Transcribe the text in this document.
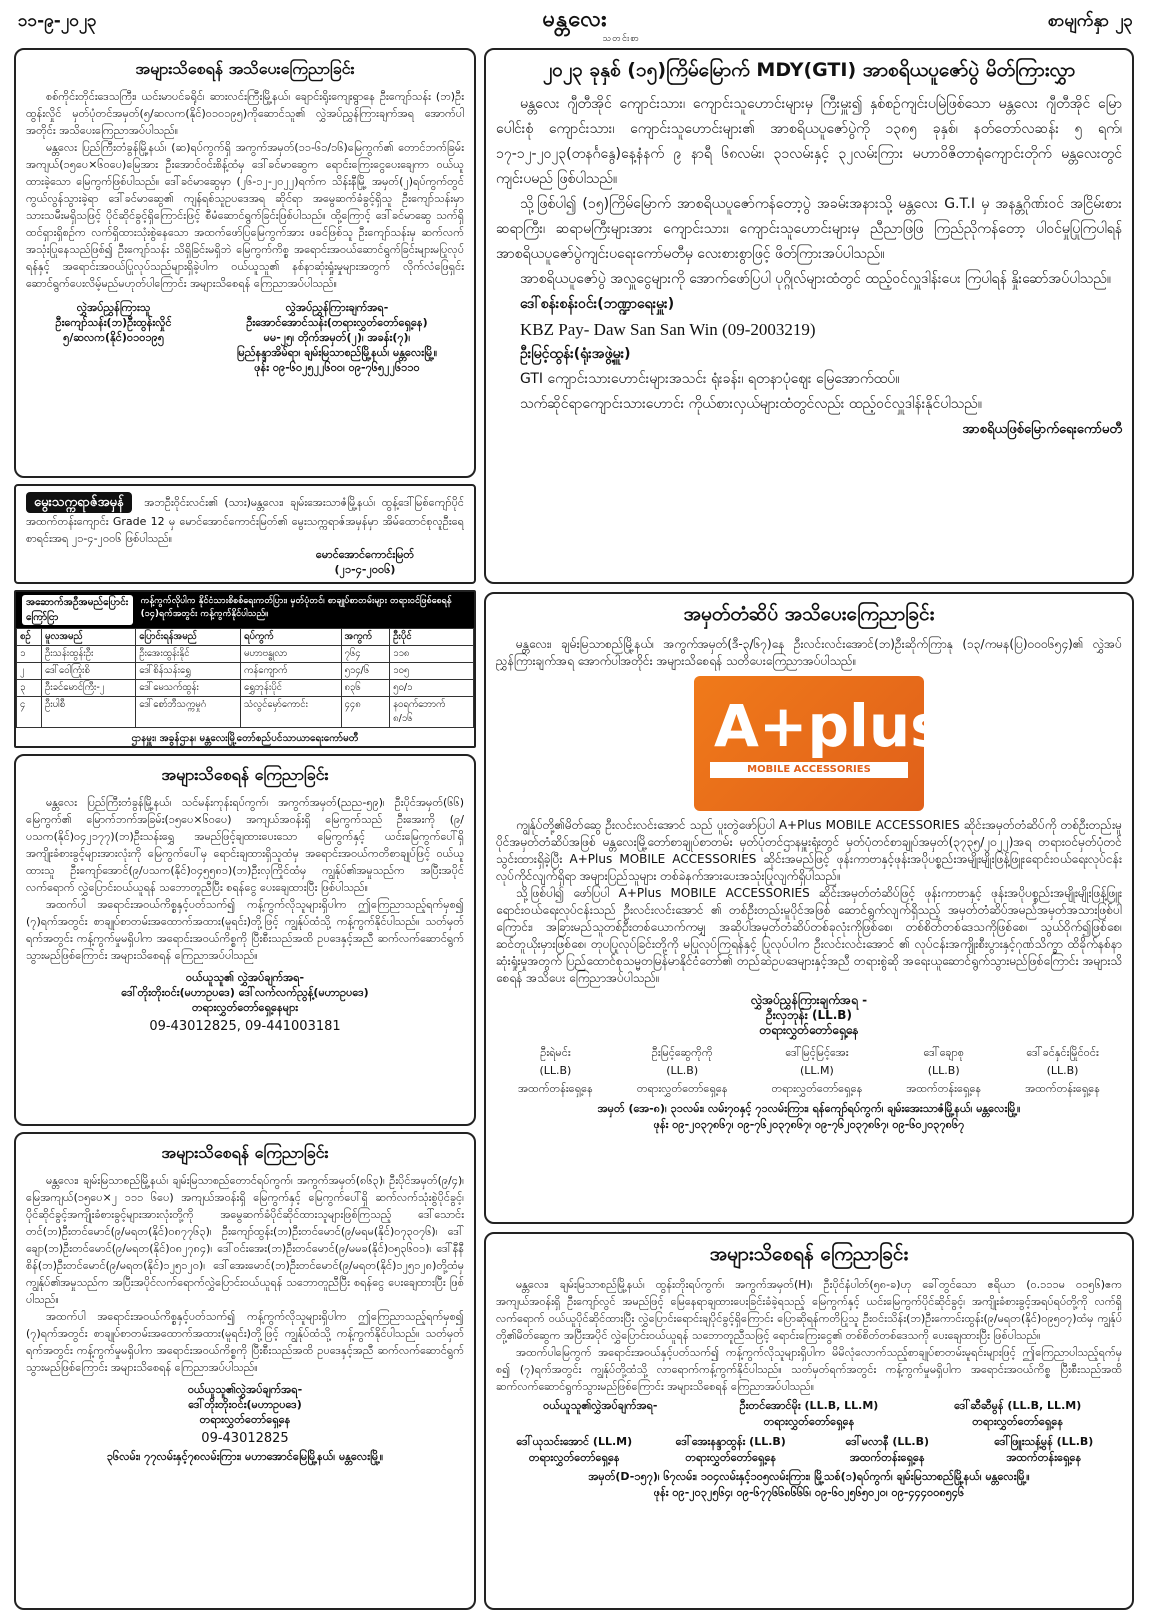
၁၁-၉-၂၀၂၃	မန္တလေး
သတင်းစာ
စာမျက်နှာ ၂၃
အများသိစေရန် အသိပေးကြေညာခြင်း
စစ်ကိုင်းတိုင်းဒေသကြီး၊ ယင်းမာပင်ခရိုင်၊ ဆားလင်းကြီးမြို့နယ်၊ ချောင်းရိုးကျေးရွာနေ ဦးကျော်သန်း (ဘ)ဦးထွန်းလှိုင် မှတ်ပုံတင်အမှတ်(၅/ဆလက(နိုင်)၀၁၀၁၉၅)ကိုဆောင်သူ၏ လွှဲအပ်ညွှန်ကြားချက်အရ အောက်ပါအတိုင်း အသိပေးကြေညာအပ်ပါသည်။
မန္တလေး ပြည်ကြီးတံခွန်မြို့နယ်၊ (ဆ)ရပ်ကွက်ရှိ အကွက်အမှတ်(၁၁-၆၁/၁၆)မြေကွက်၏ တောင်ဘက်ခြမ်းအကျယ်(၁၅ပေ×၆၀ပေ)မြေအား ဦးအောင်ဝင်းစိန့်ထံမှ ဒေါ်ခင်မာဆွေက ရောင်းကြေးငွေပေးချေကာ ဝယ်ယူထားခဲ့သော မြေကွက်ဖြစ်ပါသည်။ ဒေါ်ခင်မာဆွေမှာ (၂၆-၁၂-၂၀၂၂)ရက်က သိန်းနီမြို့ အမှတ်(၂)ရပ်ကွက်တွင် ကွယ်လွန်သွားခဲ့ရာ ဒေါ်ခင်မာဆွေ၏ ကျန်ရစ်သူဥပဒေအရ ဆိုင်ရာ အမွေဆက်ခံခွင့်ရှိသူ ဦးကျော်သန်းမှာ သားသမီးမရှိသဖြင့် ပိုင်ဆိုင်ခွင့်ရှိကြောင်းဖြင့် စီမံဆောင်ရွက်ခြင်းဖြစ်ပါသည်။ ထို့ကြောင့် ဒေါ်ခင်မာဆွေ သက်ရှိထင်ရှားရှိစဉ်က လက်ရှိထားသုံးစွဲနေသော အထက်ဖော်ပြမြေကွက်အား ဖခင်ဖြစ်သူ ဦးကျော်သန်းမှ ဆက်လက်အသုံးပြုနေသည်ဖြစ်၍ ဦးကျော်သန်း သိရှိခြင်းမရှိဘဲ မြေကွက်ကိစ္စ အရောင်းအဝယ်ဆောင်ရွက်ခြင်းများမပြုလုပ်ရန်နှင့် အရောင်းအဝယ်ပြုလုပ်သည်များရှိခဲ့ပါက ဝယ်ယူသူ၏ နစ်နာဆုံးရှုံးမှုများအတွက် လိုက်လံဖြေရှင်းဆောင်ရွက်ပေးလိမ့်မည်မဟုတ်ပါကြောင်း အများသိစေရန် ကြေညာအပ်ပါသည်။
လွှဲအပ်ညွှန်ကြားသူ
ဦးကျော်သန်း(ဘ)ဦးထွန်းလှိုင်
၅/ဆလက(နိုင်)၀၁၀၁၉၅
လွှဲအပ်ညွှန်ကြားချက်အရ-
ဦးအောင်အောင်သန်း(တရားလွှတ်တော်ရှေ့နေ)
မမ-၂၅၊ တိုက်အမှတ်(၂)၊ အခန်း(၇)၊
မြည်နန္ဒာအိမ်ရာ၊ ချမ်းမြသာစည်မြို့နယ်၊ မန္တလေးမြို့။
ဖုန်း ၀၉-၆၀၂၅၂၂၆၀၀၊ ၀၉-၇၆၅၂၂၆၁၁၀
မွေးသက္ကရာဇ်အမှန် အဘဦးဝိုင်းလင်း၏ (သား)မန္တလေး၊ ချမ်းအေးသာဇံမြို့နယ်၊ ထွန့်ဒေါ်မြစ်ကျော်ပိုင်အထက်တန်းကျောင်း Grade 12 မှ မောင်အောင်ကောင်းမြတ်၏ မွေးသက္ကရာဇ်အမှန်မှာ အိမ်ထောင်စုလူဦးရေစာရင်းအရ ၂၁-၄-၂၀၀၆ ဖြစ်ပါသည်။
မောင်အောင်ကောင်းမြတ်
(၂၁-၄-၂၀၀၆)
အဆောက်အဦအမည်ပြောင်း ကြော်ငြာ
ကန့်ကွက်လိုပါက နိုင်ငံသားစိစစ်ရေးကတ်ပြား၊ မှတ်ပုံတင်၊ စာချုပ်စာတမ်းများ တရားဝင်ဖြစ်စေရန် (၁၄)ရက်အတွင်း ကန့်ကွက်နိုင်ပါသည်။
စဉ်	မူလအမည်	ပြောင်းရန်အမည်	ရပ်ကွက်	အကွက်	ဦးပိုင်
၁	ဦးသန်းထွန်းဦး	ဦးအေးထွန်းနိုင်	မဟာဗန္ဓုလာ	၇၆၄	၁၁၈
၂	ဒေါ်ဝေါကြုံးစိ	ဒေါ်စိန်သန်းရွှေ	ကန်ကျောက်	၅၁၄/၆	၁၀၅
၃	ဦးခင်မောင်ကြီး-၂	ဒေါ်မေသက်ထွန်း	ရွှေဘုန်းပိုင်	၈၃၆	၅၀/၁
၄	ဦးပါစီ	ဒေါ်စော်ဘီသက္ကမှုဂံ	သံလွင်မှော်ကောင်း	၄၄၈	နဝရက်ဘောက်
၈/၁၆
ဌာနမှူး၊ အခွန်ဌာန၊ မန္တလေးမြို့တော်စည်ပင်သာယာရေးကော်မတီ
အများသိစေရန် ကြေညာခြင်း
မန္တလေး ပြည်ကြီးတံခွန်မြို့နယ်၊ သင်မန်းကုန်းရပ်ကွက်၊ အကွက်အမှတ်(ညည-၅၉)၊ ဦးပိုင်အမှတ်(၆၆) မြေကွက်၏ မြောက်ဘက်အခြမ်း(၁၅ပေ×၆၀ပေ) အကျယ်အဝန်းရှိ မြေကွက်သည် ဦးအေးကို (၉/ပသက(နိုင်)၀၄၂၁၇၇)(ဘ)ဦးသန်းရွှေ အမည်ဖြင့်ချထားပေးသော မြေကွက်နှင့် ယင်းမြေကွက်ပေါ်ရှိ အကျိုးခံစားခွင့်များအားလုံးကို မြေကွက်ပေါ်မှ ရောင်းချထားရှိသူထံမှ အရောင်းအဝယ်ကတိစာချုပ်ဖြင့် ဝယ်ယူထားသူ ဦးကျော်အောင်(၉/ပသက(နိုင်)၀၄၅၅၈၁)(ဘ)ဦးလှကြိုင်ထံမှ ကျွန်ုပ်၏အမှုသည်က အပြီးအပိုင် လက်ရောက် လွှဲပြောင်းဝယ်ယူရန် သဘောတူညီပြီး စရန်ငွေ ပေးချေထားပြီး ဖြစ်ပါသည်။
အထက်ပါ အရောင်းအဝယ်ကိစ္စနှင့်ပတ်သက်၍ ကန့်ကွက်လိုသူများရှိပါက ဤကြေညာသည့်ရက်မှစ၍ (၇)ရက်အတွင်း စာချုပ်စာတမ်းအထောက်အထား(မူရင်း)တို့ဖြင့် ကျွန်ုပ်ထံသို့ ကန့်ကွက်နိုင်ပါသည်။ သတ်မှတ်ရက်အတွင်း ကန့်ကွက်မှုမရှိပါက အရောင်းအဝယ်ကိစ္စကို ပြီးစီးသည်အထိ ဥပဒေနှင့်အညီ ဆက်လက်ဆောင်ရွက်သွားမည်ဖြစ်ကြောင်း အများသိစေရန် ကြေညာအပ်ပါသည်။
ဝယ်ယူသူ၏ လွှဲအပ်ချက်အရ-
ဒေါ်တိုးတိုးဝင်း(မဟာဥပဒေ) ဒေါ်လက်လက်ညွန့်(မဟာဥပဒေ)
တရားလွှတ်တော်ရှေ့နေများ
09-43012825, 09-441003181
အများသိစေရန် ကြေညာခြင်း
မန္တလေး၊ ချမ်းမြသာစည်မြို့နယ်၊ ချမ်းမြသာစည်တောင်ရပ်ကွက်၊ အကွက်အမှတ်(၈၆၃)၊ ဦးပိုင်အမှတ်(၉/၄)၊ မြေအကျယ်(၁၅ပေ×၂ ၁၁၁ ၆ပေ) အကျယ်အဝန်းရှိ မြေကွက်နှင့် မြေကွက်ပေါ်ရှိ ဆက်လက်သုံးစွဲပိုင်ခွင့်၊ ပိုင်ဆိုင်ခွင့်အကျိုးခံစားခွင့်များအားလုံးတို့ကို အမွေဆက်ခံပိုင်ဆိုင်ထားသူများဖြစ်ကြသည့် ဒေါ်သောင်းတင်(ဘ)ဦးတင်မောင်(၉/မရတ(နိုင်)၀၈၇၇၆၃)၊ ဦးကျော်ထွန်း(ဘ)ဦးတင်မောင်(၉/မရမ(နိုင်)၀၇၃၀၇၆)၊ ဒေါ်ချော(ဘ)ဦးတင်မောင်(၉/မရတ(နိုင်)၀၈၂၇၈၄)၊ ဒေါ်ဝင်းအေး(ဘ)ဦးတင်မောင်(၉/မမခ(နိုင်)၀၅၃၆၀၁)၊ ဒေါ်နီနီစိန်(ဘ)ဦးတင်မောင်(၉/မရတ(နိုင်)၁၂၅၁၂၀)၊ ဒေါ်အေးမောင်(ဘ)ဦးတင်မောင်(၉/မရတ(နိုင်)၁၂၅၁၂၈)တို့ထံမှ ကျွန်ုပ်၏အမှုသည်က အပြီးအပိုင်လက်ရောက်လွှဲပြောင်းဝယ်ယူရန် သဘောတူညီပြီး စရန်ငွေ ပေးချေထားပြီး ဖြစ်ပါသည်။
အထက်ပါ အရောင်းအဝယ်ကိစ္စနှင့်ပတ်သက်၍ ကန့်ကွက်လိုသူများရှိပါက ဤကြေညာသည့်ရက်မှစ၍ (၇)ရက်အတွင်း စာချုပ်စာတမ်းအထောက်အထား(မူရင်း)တို့ဖြင့် ကျွန်ုပ်ထံသို့ ကန့်ကွက်နိုင်ပါသည်။ သတ်မှတ်ရက်အတွင်း ကန့်ကွက်မှုမရှိပါက အရောင်းအဝယ်ကိစ္စကို ပြီးစီးသည်အထိ ဥပဒေနှင့်အညီ ဆက်လက်ဆောင်ရွက်သွားမည်ဖြစ်ကြောင်း အများသိစေရန် ကြေညာအပ်ပါသည်။
ဝယ်ယူသူ၏လွှဲအပ်ချက်အရ-
ဒေါ်တိုးတိုးဝင်း(မဟာဥပဒေ)
တရားလွှတ်တော်ရှေ့နေ
09-43012825
၃၆လမ်း၊ ၇၇လမ်းနှင့်၇၈လမ်းကြား၊ မဟာအောင်မြေမြို့နယ်၊ မန္တလေးမြို့။
၂၀၂၃ ခုနှစ် (၁၅)ကြိမ်မြောက် MDY(GTI) အာစရိယပူဇော်ပွဲ မိတ်ကြားလွှာ
မန္တလေး ဂျီတီအိုင် ကျောင်းသား၊ ကျောင်းသူဟောင်းများမှ ကြီးမှူး၍ နှစ်စဉ်ကျင်းပမြဲဖြစ်သော မန္တလေး ဂျီတီအိုင် မြောပေါင်းစုံ ကျောင်းသား၊ ကျောင်းသူဟောင်းများ၏ အာစရိယပူဇော်ပွဲကို ၁၃၈၅ ခုနှစ်၊ နတ်တော်လဆန်း ၅ ရက်၊ ၁၇-၁၂-၂၀၂၃(တနင်္ဂနွေ)နေ့နံနက် ၉ နာရီ ၆၈လမ်း၊ ၃၁လမ်းနှင့် ၃၂လမ်းကြား မဟာဝိဇိတာရုံကျောင်းတိုက် မန္တလေးတွင် ကျင်းပမည် ဖြစ်ပါသည်။
သို့ဖြစ်ပါ၍ (၁၅)ကြိမ်မြောက် အာစရိယပူဇော်ကန်တော့ပွဲ အခမ်းအနားသို့ မန္တလေး G.T.I မှ အနန္တဂိုဏ်းဝင် အငြိမ်းစား ဆရာကြီး၊ ဆရာမကြီးများအား ကျောင်းသား၊ ကျောင်းသူဟောင်းများမှ ညီညာဖြဖြ ကြည်ညိုကန်တော့ ပါဝင်မှုပြုကြပါရန် အာစရိယပူဇော်ပွဲကျင်းပရေးကော်မတီမှ လေးစားစွာဖြင့် ဖိတ်ကြားအပ်ပါသည်။
အာစရိယပူဇော်ပွဲ အလှူငွေများကို အောက်ဖော်ပြပါ ပုဂ္ဂိုလ်များထံတွင် ထည့်ဝင်လှူဒါန်းပေး ကြပါရန် နှိုးဆော်အပ်ပါသည်။
ဒေါ်စန်းစန်းဝင်း(ဘဏ္ဍာရေးမှူး)
KBZ Pay- Daw San San Win (09-2003219)
ဦးမြင့်ထွန်း(ရုံးအဖွဲ့မှူး)
GTI ကျောင်းသားဟောင်းများအသင်း ရုံးခန်း၊ ရတနာပုံဈေး မြေအောက်ထပ်။
သက်ဆိုင်ရာကျောင်းသားဟောင်း ကိုယ်စားလှယ်များထံတွင်လည်း ထည့်ဝင်လှူဒါန်းနိုင်ပါသည်။
အာစရိယဖြစ်မြောက်ရေးကော်မတီ
အမှတ်တံဆိပ် အသိပေးကြေညာခြင်း
မန္တလေး၊ ချမ်းမြသာစည်မြို့နယ်၊ အကွက်အမှတ်(ဒီ-၃/၆၇)နေ ဦးလင်းလင်းအောင်(ဘ)ဦးဆိုက်ကြာနု (၁၃/ကမန(ပြ)၀၀၀၆၅၄)၏ လွှဲအပ်ညွှန်ကြားချက်အရ အောက်ပါအတိုင်း အများသိစေရန် သတိပေးကြေညာအပ်ပါသည်။
A+plus
MOBILE ACCESSORIES
ကျွန်ုပ်တို့၏မိတ်ဆွေ ဦးလင်းလင်းအောင် သည် ပူးတွဲဖော်ပြပါ A+Plus MOBILE ACCESSORIES ဆိုင်းအမှတ်တံဆိပ်ကို တစ်ဦးတည်းမူပိုင်အမှတ်တံဆိပ်အဖြစ် မန္တလေးမြို့တော်စာချုပ်စာတမ်း မှတ်ပုံတင်ဌာနမှူးရုံးတွင် မှတ်ပုံတင်စာချုပ်အမှတ်(၃၇၃၅/၂၀၂၂)အရ တရားဝင်မှတ်ပုံတင်သွင်းထားရှိခဲ့ပြီး A+Plus MOBILE ACCESSORIES ဆိုင်းအမည်ဖြင့် ဖုန်းကာဗာနှင့်ဖုန်းအပိုပစ္စည်းအမျိုးမျိုးဖြန့်ဖြူးရောင်းဝယ်ရေးလုပ်ငန်း လုပ်ကိုင်လျက်ရှိရာ အများပြည်သူများ တစ်ခဲနက်အားပေးအသုံးပြုလျက်ရှိပါသည်။
သို့ဖြစ်ပါ၍ ဖော်ပြပါ A+Plus MOBILE ACCESSORIES ဆိုင်းအမှတ်တံဆိပ်ဖြင့် ဖုန်းကာဗာနှင့် ဖုန်းအပိုပစ္စည်းအမျိုးမျိုးဖြန့်ဖြူးရောင်းဝယ်ရေးလုပ်ငန်းသည် ဦးလင်းလင်းအောင် ၏ တစ်ဦးတည်းမူပိုင်အဖြစ် ဆောင်ရွက်လျက်ရှိသည့် အမှတ်တံဆိပ်အမည်အမှတ်အသားဖြစ်ပါကြောင်း၊ အခြားမည်သူတစ်ဦးတစ်ယောက်ကမျှ အဆိုပါအမှတ်တံဆိပ်တစ်ခုလုံးကိုဖြစ်စေ၊ တစ်စိတ်တစ်ဒေသကိုဖြစ်စေ၊ သွယ်ဝိုက်၍ဖြစ်စေ၊ ဆင်တူယိုးမှားဖြစ်စေ၊ တုပပြုလုပ်ခြင်းတို့ကို မပြုလုပ်ကြရန်နှင့် ပြုလုပ်ပါက ဦးလင်းလင်းအောင် ၏ လုပ်ငန်းအကျိုးစီးပွားနှင့်ဂုဏ်သိက္ခာ ထိခိုက်နစ်နာဆုံးရှုံးမှုအတွက် ပြည်ထောင်စုသမ္မတမြန်မာနိုင်ငံတော်၏ တည်ဆဲဥပဒေများနှင့်အညီ တရားစွဲဆို အရေးယူဆောင်ရွက်သွားမည်ဖြစ်ကြောင်း အများသိစေရန် အသိပေး ကြေညာအပ်ပါသည်။
လွှဲအပ်ညွှန်ကြားချက်အရ -
ဦးလှဘုန်း (LL.B)
တရားလွှတ်တော်ရှေ့နေ
ဦးရဲမင်း
(LL.B)
အထက်တန်းရှေ့နေ
ဦးမြင့်ဆွေကိုကို
(LL.B)
တရားလွှတ်တော်ရှေ့နေ
ဒေါ်မြင့်မြင့်အေး
(LL.M)
တရားလွှတ်တော်ရှေ့နေ
ဒေါ်ချောစု
(LL.B)
အထက်တန်းရှေ့နေ
ဒေါ်ခင်နှင်းမြိုင်ဝင်း
(LL.B)
အထက်တန်းရှေ့နေ
အမှတ် (အေ-၈)၊ ၃၁လမ်း၊ လမ်း၇၀နှင့် ၇၁လမ်းကြား၊ ရန်ကျော်ရပ်ကွက်၊ ချမ်းအေးသာဇံမြို့နယ်၊ မန္တလေးမြို့။
ဖုန်း ၀၉-၂၀၃၇၈၆၇၊ ၀၉-၇၆၂၀၃၇၈၆၇၊ ၀၉-၇၆၂၀၃၇၈၆၇၊ ၀၉-၆၀၂၀၃၇၈၆၇
အများသိစေရန် ကြေညာခြင်း
မန္တလေး၊ ချမ်းမြသာစည်မြို့နယ်၊ ထွန်းတိုးရပ်ကွက်၊ အကွက်အမှတ်(H)၊ ဦးပိုင်နံပါတ်(၅၈-ခ)ဟု ခေါ်တွင်သော ဧရိယာ (၀.၁၁၁မ ၀၁၅၆)ဧက အကျယ်အဝန်းရှိ ဦးကျော်လွင် အမည်ဖြင့် မြေနေရာချထားပေးခြင်းခံခဲ့ရသည့် မြေကွက်နှင့် ယင်းမြေကွက်ပိုင်ဆိုင်ခွင့်၊ အကျိုးခံစားခွင့်အရပ်ရပ်တို့ကို လက်ရှိလက်ရောက် ဝယ်ယူပိုင်ဆိုင်ထားပြီး လွှဲပြောင်းရောင်းချပိုင်ခွင့်ရှိကြောင်း ပြောဆိုရန်ကတိပြုသူ ဦးဝင်းသိန်း(ဘ)ဦးကောင်းထွန်း(၉/မရတ(နိုင်)၀၉၅၀၇)ထံမှ ကျွန်ုပ်တို့၏မိတ်ဆွေက အပြီးအပိုင် လွှဲပြောင်းဝယ်ယူရန် သဘောတူညီသဖြင့် ရောင်းကြေးငွေ၏ တစ်စိတ်တစ်ဒေသကို ပေးချေထားပြီး ဖြစ်ပါသည်။
အထက်ပါမြေကွက် အရောင်းအဝယ်နှင့်ပတ်သက်၍ ကန့်ကွက်လိုသူများရှိပါက မိမိလုံလောက်သည့်စာချုပ်စာတမ်းမူရင်းများဖြင့် ဤကြေညာပါသည့်ရက်မှစ၍ (၇)ရက်အတွင်း ကျွန်ုပ်တို့ထံသို့ လာရောက်ကန့်ကွက်နိုင်ပါသည်။ သတ်မှတ်ရက်အတွင်း ကန့်ကွက်မှုမရှိပါက အရောင်းအဝယ်ကိစ္စ ပြီးစီးသည်အထိ ဆက်လက်ဆောင်ရွက်သွားမည်ဖြစ်ကြောင်း အများသိစေရန် ကြေညာအပ်ပါသည်။
ဝယ်ယူသူ၏လွှဲအပ်ချက်အရ-	ဦးတင်အောင်မိုး (LL.B, LL.M)
တရားလွှတ်တော်ရှေ့နေ
ဒေါ်ဆီဆီမွန် (LL.B, LL.M)
တရားလွှတ်တော်ရှေ့နေ
ဒေါ်ယုသင်းအောင် (LL.M)
တရားလွှတ်တော်ရှေ့နေ
ဒေါ်အေးနန္ဒာထွန်း (LL.B)
တရားလွှတ်တော်ရှေ့နေ
ဒေါ်မလာနီ (LL.B)
အထက်တန်းရှေ့နေ
ဒေါ်ဖြူးသန့်မွန် (LL.B)
အထက်တန်းရှေ့နေ
အမှတ်(D-၁၅၇)၊ ၆၇လမ်း၊ ၁၀၄လမ်းနှင့်၁၀၅လမ်းကြား၊ မြို့သစ်(၁)ရပ်ကွက်၊ ချမ်းမြသာစည်မြို့နယ်၊ မန္တလေးမြို့။
ဖုန်း ၀၉-၂၀၃၂၅၆၄၊ ၀၉-၆၇၇၆၆၈၆၆၆၊ ၀၉-၆၀၂၅၆၅၀၂၀၊ ၀၉-၄၄၄၀၀၈၅၄၆
